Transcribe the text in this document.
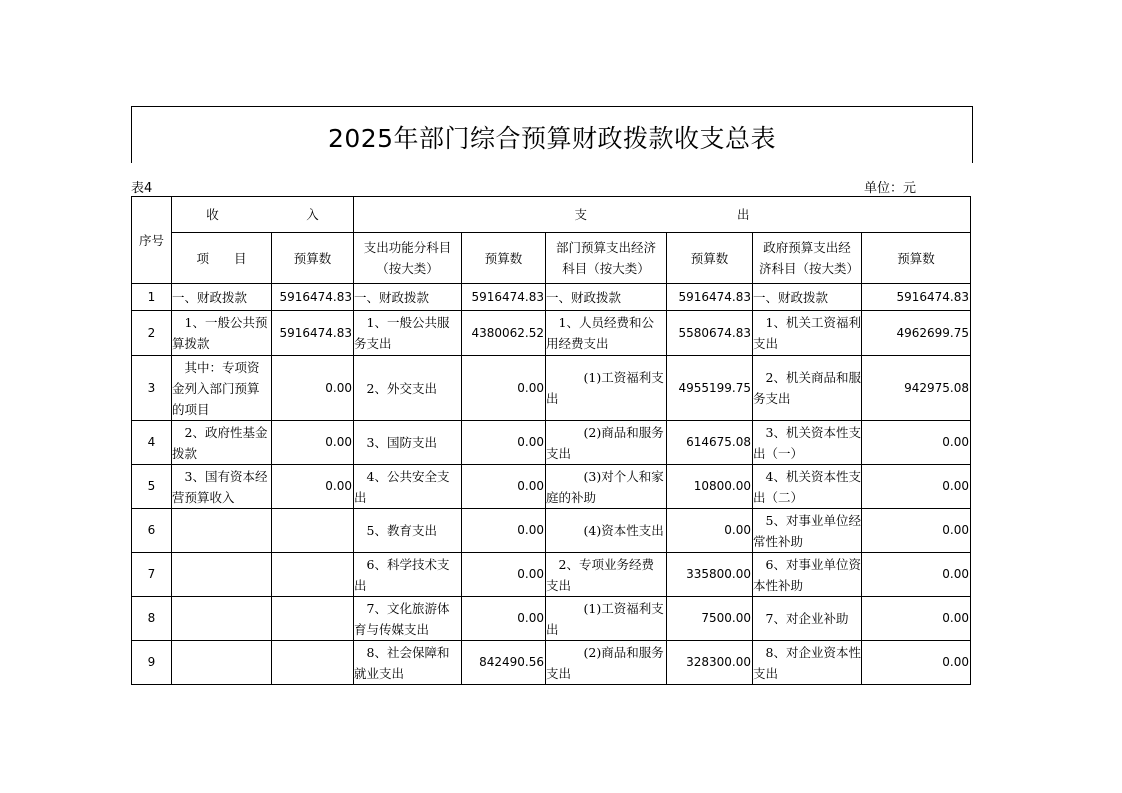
2025年部门综合预算财政拨款收支总表
表4	单位：元
序号	收　　　　　　　入		支　　　　　　　　　　　　出					
	项　　目	预算数	支出功能分科目（按大类）	预算数	部门预算支出经济科目（按大类）	预算数	政府预算支出经济科目（按大类）	预算数
1	一、财政拨款	5916474.83	一、财政拨款	5916474.83	一、财政拨款	5916474.83	一、财政拨款	5916474.83
2	　1、一般公共预算拨款	5916474.83	　1、一般公共服务支出	4380062.52	　1、人员经费和公用经费支出	5580674.83	　1、机关工资福利支出	4962699.75
3	　其中：专项资金列入部门预算的项目	0.00	　2、外交支出	0.00	　　　(1)工资福利支出	4955199.75	　2、机关商品和服务支出	942975.08
4	　2、政府性基金拨款	0.00	　3、国防支出	0.00	　　　(2)商品和服务支出	614675.08	　3、机关资本性支出（一）	0.00
5	　3、国有资本经营预算收入	0.00	　4、公共安全支出	0.00	　　　(3)对个人和家庭的补助	10800.00	　4、机关资本性支出（二）	0.00
6			　5、教育支出	0.00	　　　(4)资本性支出	0.00	　5、对事业单位经常性补助	0.00
7			　6、科学技术支出	0.00	　2、专项业务经费支出	335800.00	　6、对事业单位资本性补助	0.00
8			　7、文化旅游体育与传媒支出	0.00	　　　(1)工资福利支出	7500.00	　7、对企业补助	0.00
9			　8、社会保障和就业支出	842490.56	　　　(2)商品和服务支出	328300.00	　8、对企业资本性支出	0.00
